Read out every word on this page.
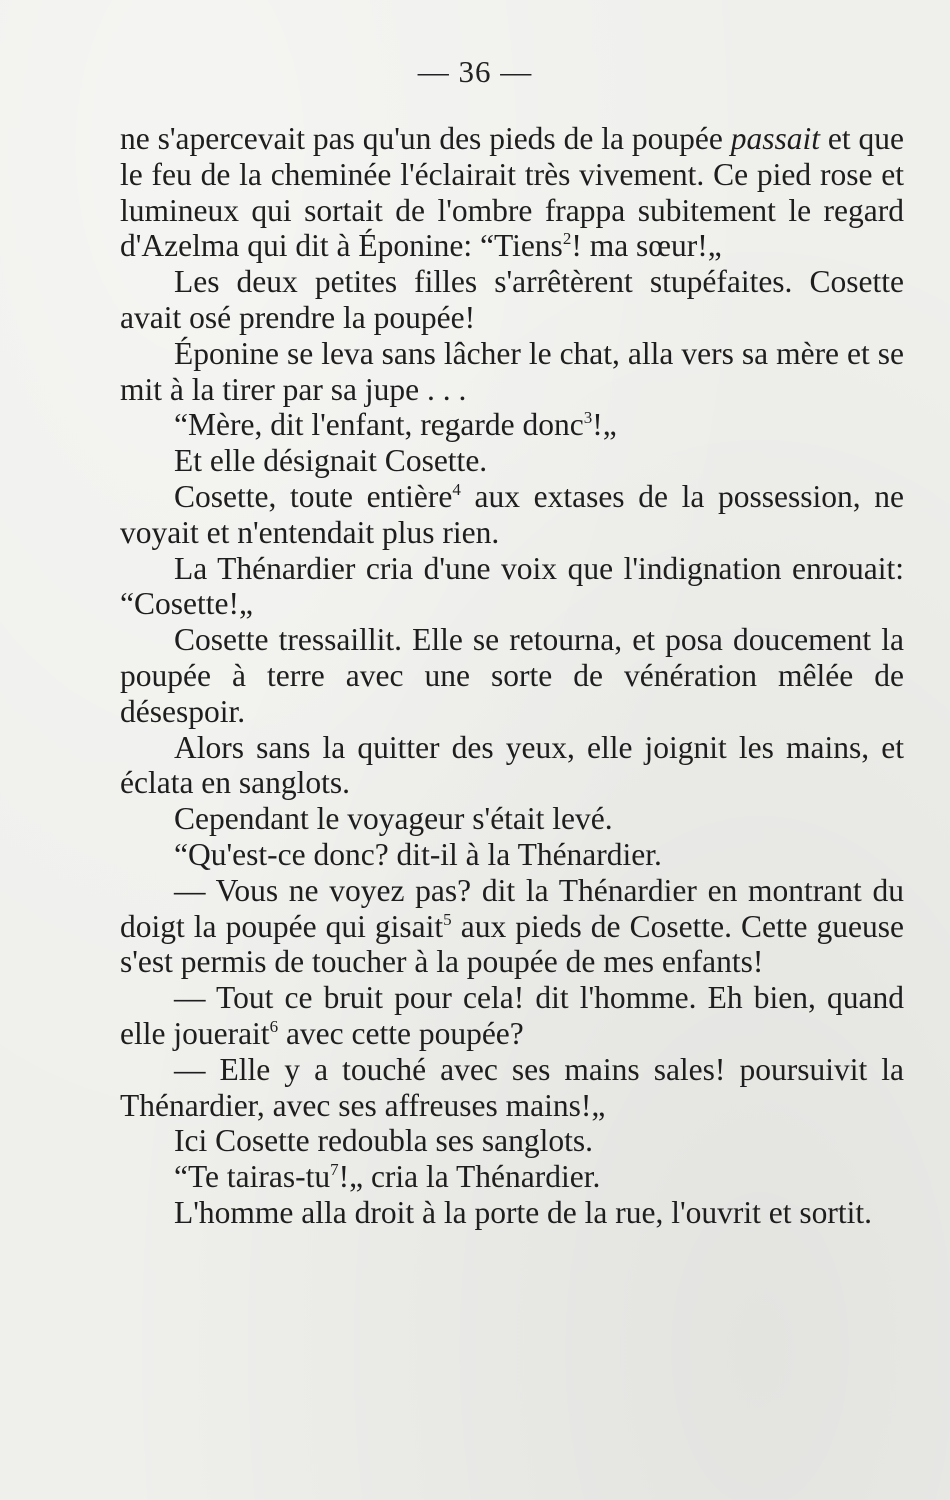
— 36 —

ne s'apercevait pas qu'un des pieds de la poupée passait et que le feu de la cheminée l'éclairait très vivement. Ce pied rose et lumineux qui sortait de l'ombre frappa subitement le regard d'Azelma qui dit à Éponine: “Tiens$^2$! ma sœur!„

Les deux petites filles s'arrêtèrent stupéfaites. Cosette avait osé prendre la poupée!

Éponine se leva sans lâcher le chat, alla vers sa mère et se mit à la tirer par sa jupe . . .

“Mère, dit l'enfant, regarde donc$^3$!„

Et elle désignait Cosette.

Cosette, toute entière$^4$ aux extases de la possession, ne voyait et n'entendait plus rien.

La Thénardier cria d'une voix que l'indignation enrouait: “Cosette!„

Cosette tressaillit. Elle se retourna, et posa doucement la poupée à terre avec une sorte de vénération mêlée de désespoir.

Alors sans la quitter des yeux, elle joignit les mains, et éclata en sanglots.

Cependant le voyageur s'était levé.

“Qu'est-ce donc? dit-il à la Thénardier.

— Vous ne voyez pas? dit la Thénardier en montrant du doigt la poupée qui gisait$^5$ aux pieds de Cosette. Cette gueuse s'est permis de toucher à la poupée de mes enfants!

— Tout ce bruit pour cela! dit l'homme. Eh bien, quand elle jouerait$^6$ avec cette poupée?

— Elle y a touché avec ses mains sales! poursuivit la Thénardier, avec ses affreuses mains!„

Ici Cosette redoubla ses sanglots.

“Te tairas-$tu^7!„$ cria la Thénardier.

L'homme alla droit à la porte de la rue, l'ouvrit et sortit.
